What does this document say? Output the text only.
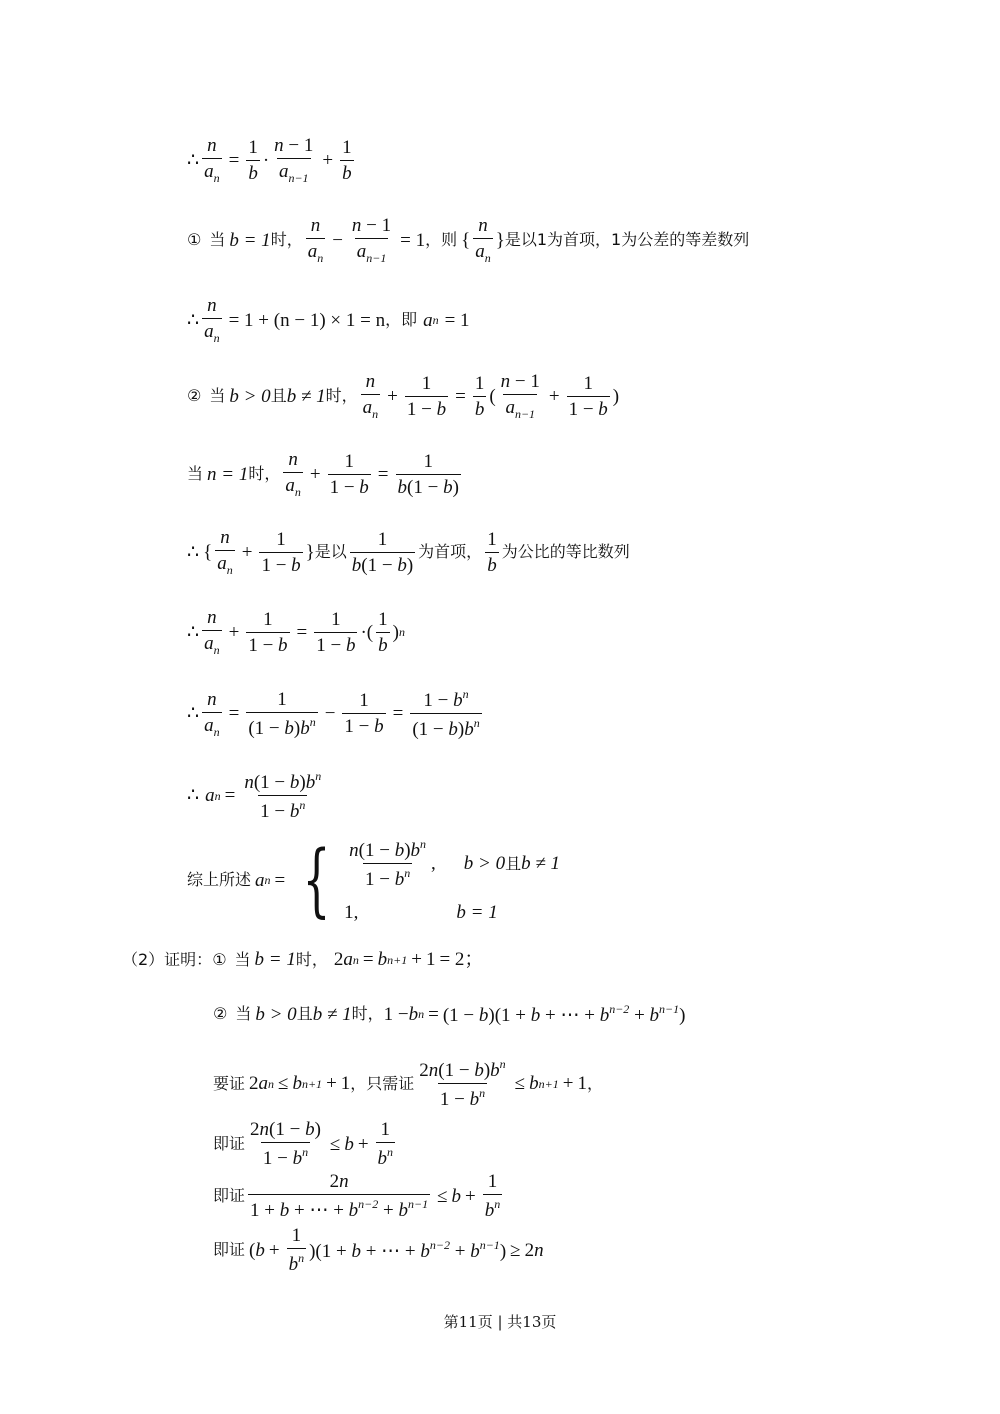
∴ $\frac{n}{a_n} = \frac{1}{b} \cdot \frac{n - 1}{a_{n-1}} + \frac{1}{b}$
① 当 b = 1 时， $\frac{n}{a_n} - \frac{n - 1}{a_{n-1}} = 1$ ，则 { $\frac{n}{a_n}$ } 是以1为首项，1为公差的等差数列
∴ $\frac{n}{a_n} = 1 + (n - 1) \times 1 = n$ ，即 a n = 1
② 当 b > 0 且 b ≠ 1 时， $\frac{n}{a_n} + \frac{1}{1 - b} = \frac{1}{b}$ ( $\frac{n - 1}{a_{n-1}} + \frac{1}{1 - b}$ )
当 n = 1 时， $\frac{n}{a_n} + \frac{1}{1 - b} = \frac{1}{b(1 - b)}$
∴ { $\frac{n}{a_n} + \frac{1}{1 - b}$ } 是以 $\frac{1}{b(1 - b)}$ 为首项， $\frac{1}{b}$ 为公比的等比数列
∴ $\frac{n}{a_n} + \frac{1}{1 - b} = \frac{1}{1 - b}$ ·( $\frac{1}{b}$ ) n
∴ $\frac{n}{a_n} = \frac{1}{(1 - b)b^n} - \frac{1}{1 - b} = \frac{1 - b^n}{(1 - b)b^n}$
∴ a $n = \frac{n(1 - b)b^n}{1 - b^n}$
综上所述 a n = { $\frac{n(1 - b)b^n}{1 - b^n}$ , b > 0 且 b ≠ 1
1,	b = 1
（2）证明： ① 当 b = 1 时， 2 a n = b n+1 + 1 = 2；
② 当 b > 0 且 b ≠ 1 时， 1 − b n = (1 − b)(1 + b + ⋯ + $b^{n-2} + b^{n-1}$)
要证 2 a n ≤ b n+1 + 1 ，只需证 $\frac{2n(1 - b)b^n}{1 - b^n} \le b$ n+1 + 1 ，
即证 $\frac{2n(1 - b)}{1 - b^n} \le b + \frac{1}{b^n}$
即证 $\frac{2n}{1 + b + \cdots + b^{n-2} + b^{n-1}} \le b + \frac{1}{b^n}$
即证 ( $b + \frac{1}{b^n} )(1 + b$ + ⋯ + $b^{n-2} + b^{n-1}) \ge 2n$
第11页 | 共13页
